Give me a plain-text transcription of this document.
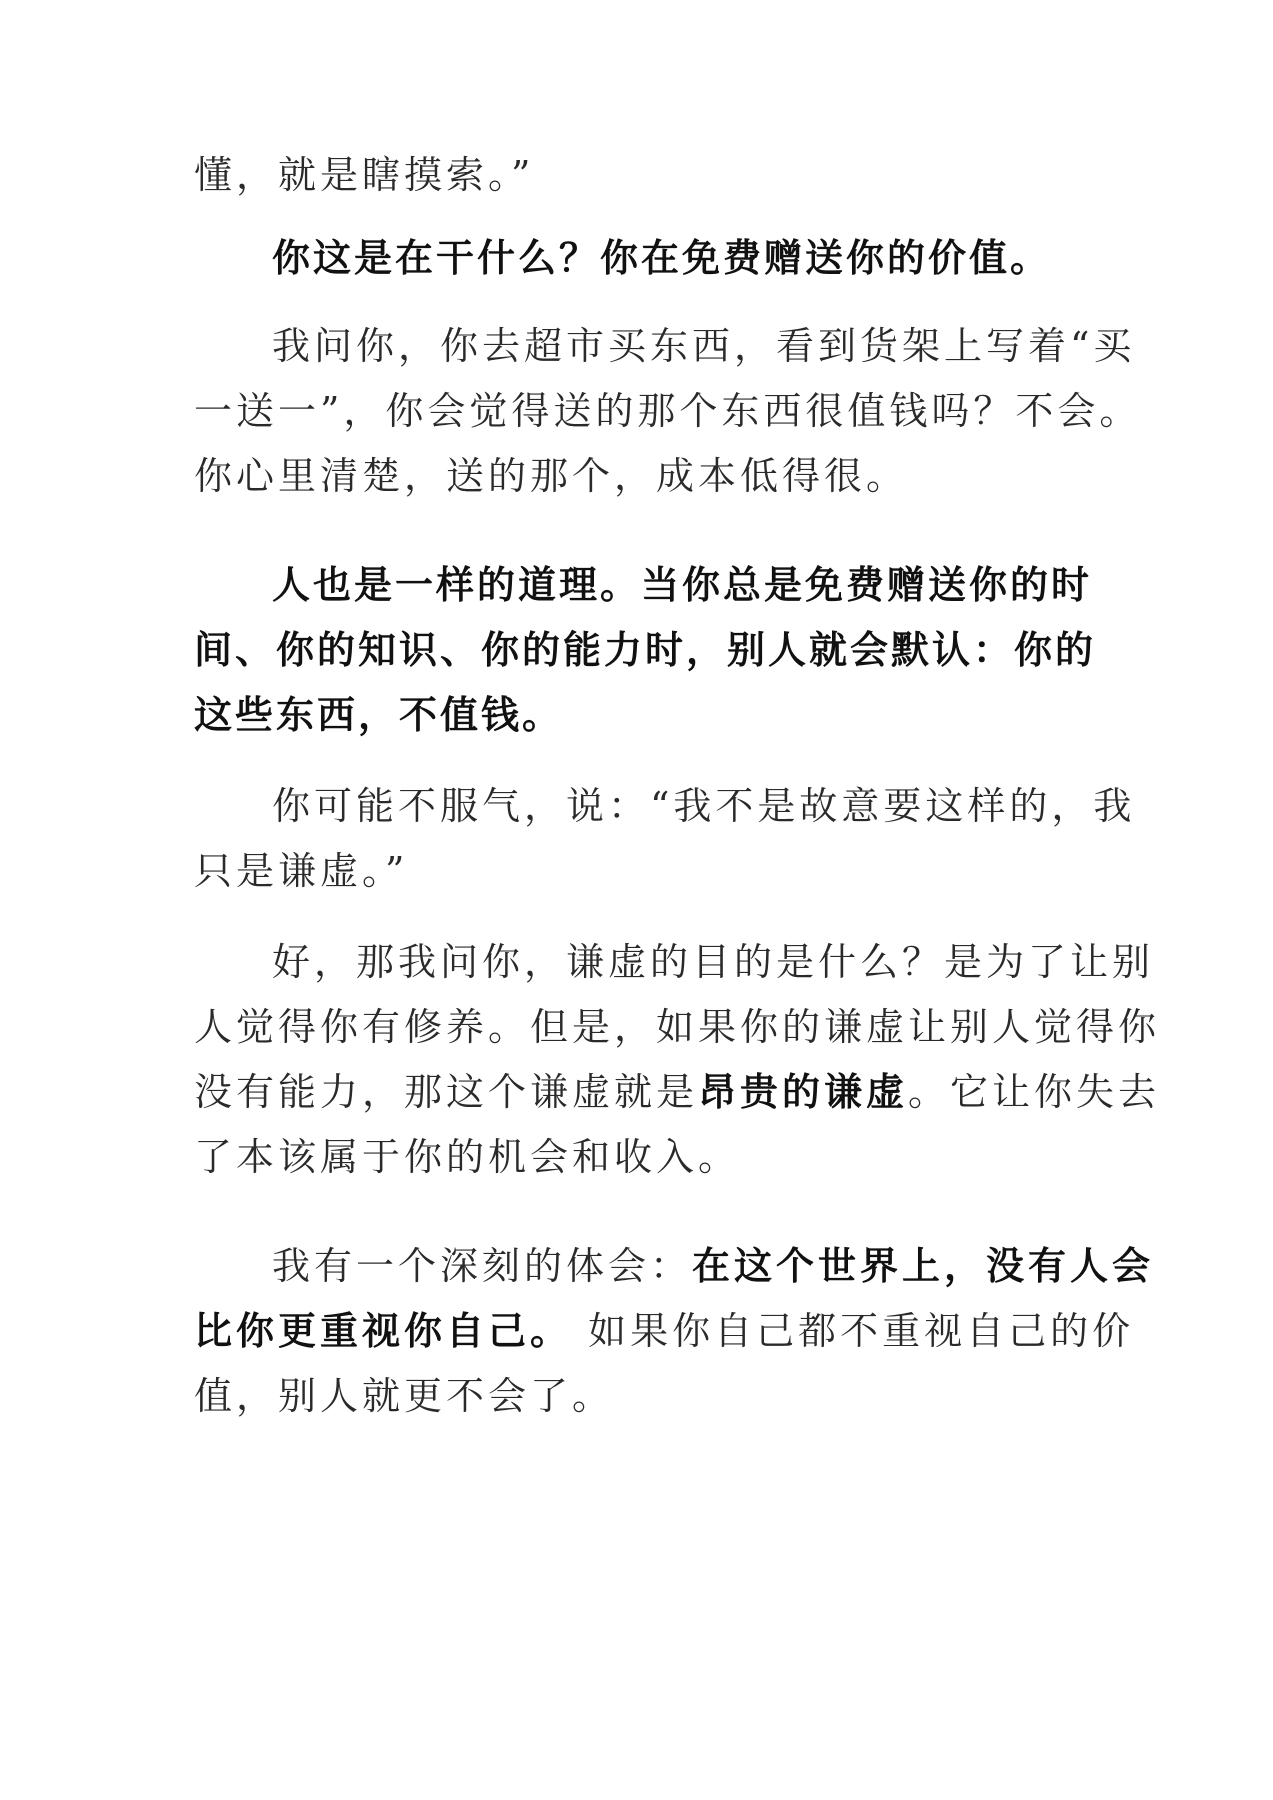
懂，就是瞎摸索。”
你这是在干什么？你在免费赠送你的价值。
我问你，你去超市买东西，看到货架上写着“买
一送一”，你会觉得送的那个东西很值钱吗？不会。
你心里清楚，送的那个，成本低得很。
人也是一样的道理。当你总是免费赠送你的时
间、你的知识、你的能力时，别人就会默认：你的
这些东西，不值钱。
你可能不服气，说：“我不是故意要这样的，我
只是谦虚。”
好，那我问你，谦虚的目的是什么？是为了让别
人觉得你有修养。但是，如果你的谦虚让别人觉得你
没有能力，那这个谦虚就是昂贵的谦虚。它让你失去
了本该属于你的机会和收入。
我有一个深刻的体会：在这个世界上，没有人会
比你更重视你自己。 如果你自己都不重视自己的价
值，别人就更不会了。
